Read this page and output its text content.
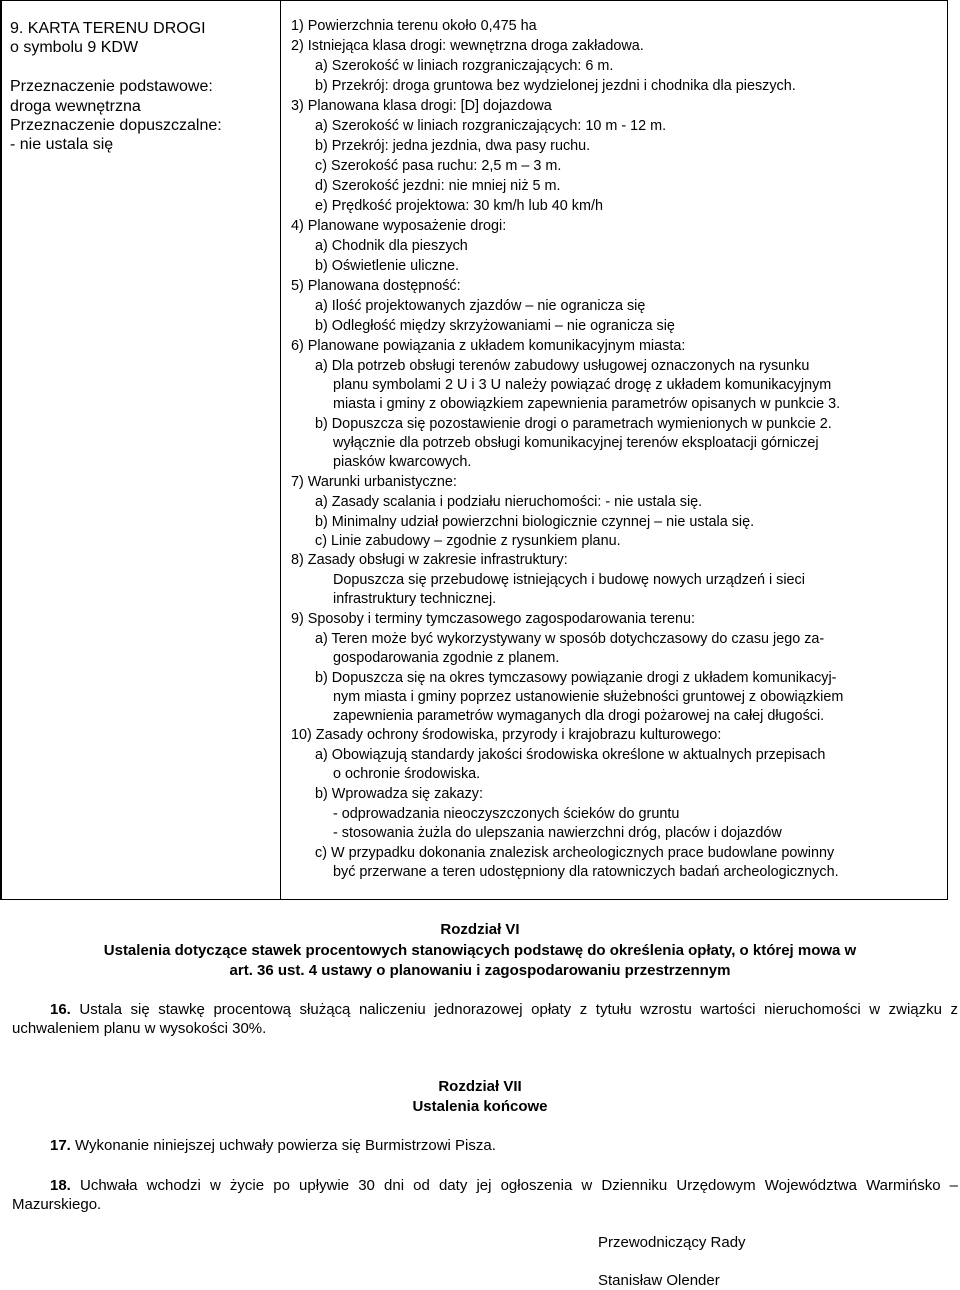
9. KARTA TERENU DROGI
o symbolu 9 KDW

Przeznaczenie podstawowe:
droga wewnętrzna
Przeznaczenie dopuszczalne:
- nie ustala się
1) Powierzchnia terenu około 0,475 ha
2) Istniejąca klasa drogi: wewnętrzna droga zakładowa.
a) Szerokość w liniach rozgraniczających: 6 m.
b) Przekrój: droga gruntowa bez wydzielonej jezdni i chodnika dla pieszych.
3) Planowana klasa drogi: [D] dojazdowa
a) Szerokość w liniach rozgraniczających: 10 m - 12 m.
b) Przekrój: jedna jezdnia, dwa pasy ruchu.
c) Szerokość pasa ruchu: 2,5 m – 3 m.
d) Szerokość jezdni: nie mniej niż 5 m.
e) Prędkość projektowa: 30 km/h lub 40 km/h
4) Planowane wyposażenie drogi:
a) Chodnik dla pieszych
b) Oświetlenie uliczne.
5) Planowana dostępność:
a) Ilość projektowanych zjazdów – nie ogranicza się
b) Odległość między skrzyżowaniami – nie ogranicza się
6) Planowane powiązania z układem komunikacyjnym miasta:
a) Dla potrzeb obsługi terenów zabudowy usługowej oznaczonych na rysunku
planu symbolami 2 U i 3 U należy powiązać drogę z układem komunikacyjnym
miasta i gminy z obowiązkiem zapewnienia parametrów opisanych w punkcie 3.
b) Dopuszcza się pozostawienie drogi o parametrach wymienionych w punkcie 2.
wyłącznie dla potrzeb obsługi komunikacyjnej terenów eksploatacji górniczej
piasków kwarcowych.
7) Warunki urbanistyczne:
a) Zasady scalania i podziału nieruchomości: - nie ustala się.
b) Minimalny udział powierzchni biologicznie czynnej – nie ustala się.
c) Linie zabudowy – zgodnie z rysunkiem planu.
8) Zasady obsługi w zakresie infrastruktury:
Dopuszcza się przebudowę istniejących i budowę nowych urządzeń i sieci
infrastruktury technicznej.
9) Sposoby i terminy tymczasowego zagospodarowania terenu:
a) Teren może być wykorzystywany w sposób dotychczasowy do czasu jego za-
gospodarowania zgodnie z planem.
b) Dopuszcza się na okres tymczasowy powiązanie drogi z układem komunikacyj-
nym miasta i gminy poprzez ustanowienie służebności gruntowej z obowiązkiem
zapewnienia parametrów wymaganych dla drogi pożarowej na całej długości.
10) Zasady ochrony środowiska, przyrody i krajobrazu kulturowego:
a) Obowiązują standardy jakości środowiska określone w aktualnych przepisach
o ochronie środowiska.
b) Wprowadza się zakazy:
- odprowadzania nieoczyszczonych ścieków do gruntu
- stosowania żużla do ulepszania nawierzchni dróg, placów i dojazdów
c) W przypadku dokonania znalezisk archeologicznych prace budowlane powinny
być przerwane a teren udostępniony dla ratowniczych badań archeologicznych.
Rozdział VI
Ustalenia dotyczące stawek procentowych stanowiących podstawę do określenia opłaty, o której mowa w
art. 36 ust. 4 ustawy o planowaniu i zagospodarowaniu przestrzennym
16. Ustala się stawkę procentową służącą naliczeniu jednorazowej opłaty z tytułu wzrostu wartości nieruchomości w związku z uchwaleniem planu w wysokości 30%.
Rozdział VII
Ustalenia końcowe
17. Wykonanie niniejszej uchwały powierza się Burmistrzowi Pisza.
18. Uchwała wchodzi w życie po upływie 30 dni od daty jej ogłoszenia w Dzienniku Urzędowym Województwa Warmińsko – Mazurskiego.
Przewodniczący Rady
Stanisław Olender
